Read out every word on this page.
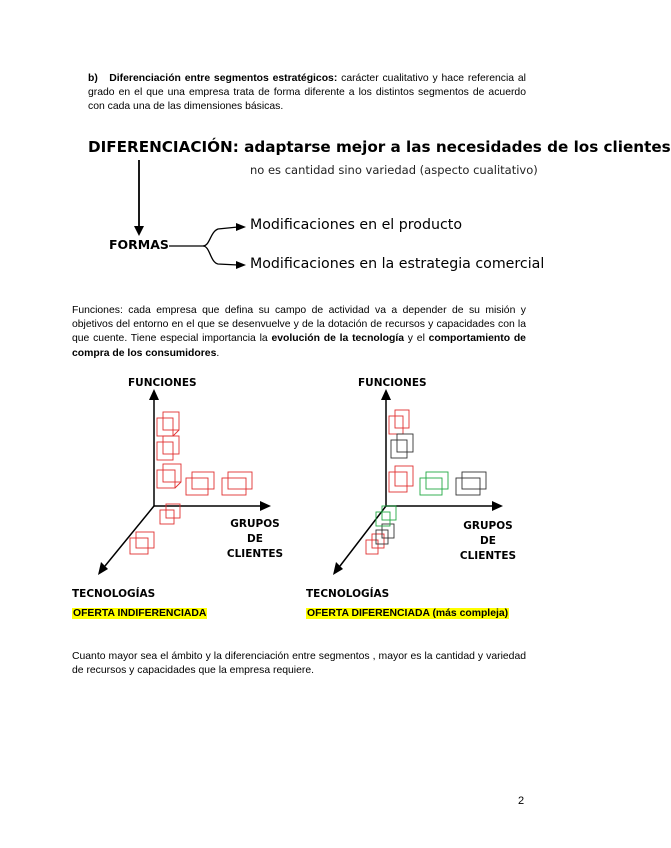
b) Diferenciación entre segmentos estratégicos: carácter cualitativo y hace referencia al grado en el que una empresa trata de forma diferente a los distintos segmentos de acuerdo con cada una de las dimensiones básicas.
DIFERENCIACIÓN: adaptarse mejor a las necesidades de los clientes
no es cantidad sino variedad (aspecto cualitativo)
FORMAS
Modificaciones en el producto
Modificaciones en la estrategia comercial
Funciones: cada empresa que defina su campo de actividad va a depender de su misión y objetivos del entorno en el que se desenvuelve y de la dotación de recursos y capacidades con la que cuente. Tiene especial importancia la evolución de la tecnología y el comportamiento de compra de los consumidores.
FUNCIONES
GRUPOS DE
CLIENTES
TECNOLOGÍAS
OFERTA INDIFERENCIADA
FUNCIONES
GRUPOS DE
CLIENTES
TECNOLOGÍAS
OFERTA DIFERENCIADA (más compleja)
Cuanto mayor sea el ámbito y la diferenciación entre segmentos , mayor es la cantidad y variedad de recursos y capacidades que la empresa requiere.
2
